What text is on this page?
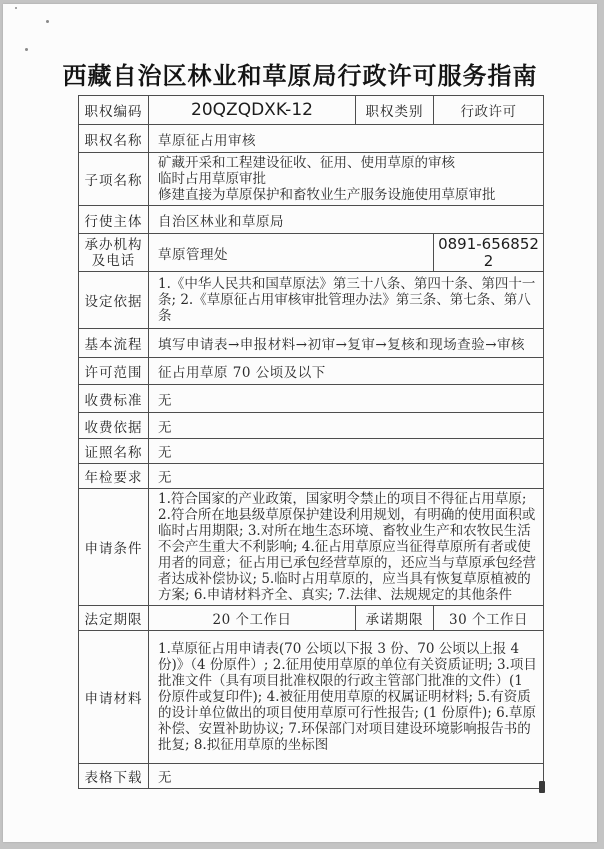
西藏自治区林业和草原局行政许可服务指南
职权编码	20QZQDXK-12	职权类别	行政许可
职权名称	草原征占用审核		
子项名称	矿藏开采和工程建设征收、征用、使用草原的审核
临时占用草原审批
修建直接为草原保护和畜牧业生产服务设施使用草原审批		

行使主体	自治区林业和草原局		

承办机构
及电话	草原管理处		0891-6568522
设定依据	1.《中华人民共和国草原法》第三十八条、第四十条、第四十一条; 2.《草原征占用审核审批管理办法》第三条、第七条、第八条		
基本流程	填写申请表→申报材料→初审→复审→复核和现场查验→审核		
许可范围	征占用草原 70 公顷及以下		
收费标准	无		
收费依据	无		
证照名称	无		
年检要求	无		
申请条件	1.符合国家的产业政策，国家明令禁止的项目不得征占用草原; 2.符合所在地县级草原保护建设利用规划，有明确的使用面积或临时占用期限; 3.对所在地生态环境、畜牧业生产和农牧民生活不会产生重大不利影响; 4.征占用草原应当征得草原所有者或使用者的同意；征占用已承包经营草原的，还应当与草原承包经营者达成补偿协议; 5.临时占用草原的，应当具有恢复草原植被的方案; 6.申请材料齐全、真实; 7.法律、法规规定的其他条件		
法定期限	20 个工作日	承诺期限	30 个工作日
申请材料	1.草原征占用申请表(70 公顷以下报 3 份、70 公顷以上报 4 份)》（4 份原件）; 2.征用使用草原的单位有关资质证明; 3.项目批准文件（具有项目批准权限的行政主管部门批准的文件）(1 份原件或复印件); 4.被征用使用草原的权属证明材料; 5.有资质的设计单位做出的项目使用草原可行性报告; (1 份原件); 6.草原补偿、安置补助协议; 7.环保部门对项目建设环境影响报告书的批复; 8.拟征用草原的坐标图		
表格下载	无		
